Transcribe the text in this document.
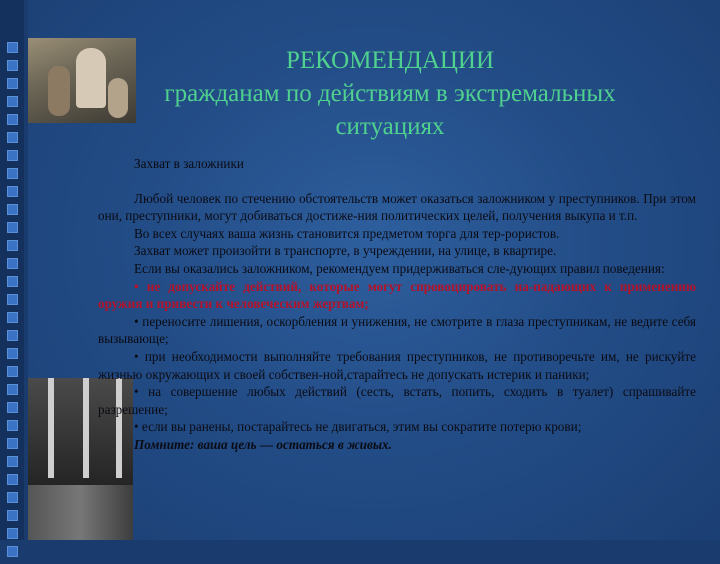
РЕКОМЕНДАЦИИ
гражданам по действиям в экстремальных
ситуациях

Захват в заложники

Любой человек по стечению обстоятельств может оказаться заложником у преступников. При этом они, преступники, могут добиваться достиже-ния политических целей, получения выкупа и т.п.

Во всех случаях ваша жизнь становится предметом торга для тер-рористов.

Захват может произойти в транспорте, в учреждении, на улице, в квартире.

Если вы оказались заложником, рекомендуем придерживаться сле-дующих правил поведения:

• не допускайте действий, которые могут спровоцировать на-падающих к применению оружия и привести к человеческим жертвам;

• переносите лишения, оскорбления и унижения, не смотрите в глаза преступникам, не ведите себя вызывающе;

• при необходимости выполняйте требования преступников, не противоречьте им, не рискуйте жизнью окружающих и своей собствен-ной,старайтесь не допускать истерик и паники;

• на совершение любых действий (сесть, встать, попить, сходить в туалет) спрашивайте разрешение;

• если вы ранены, постарайтесь не двигаться, этим вы сократите потерю крови;

Помните: ваша цель — остаться в живых.
